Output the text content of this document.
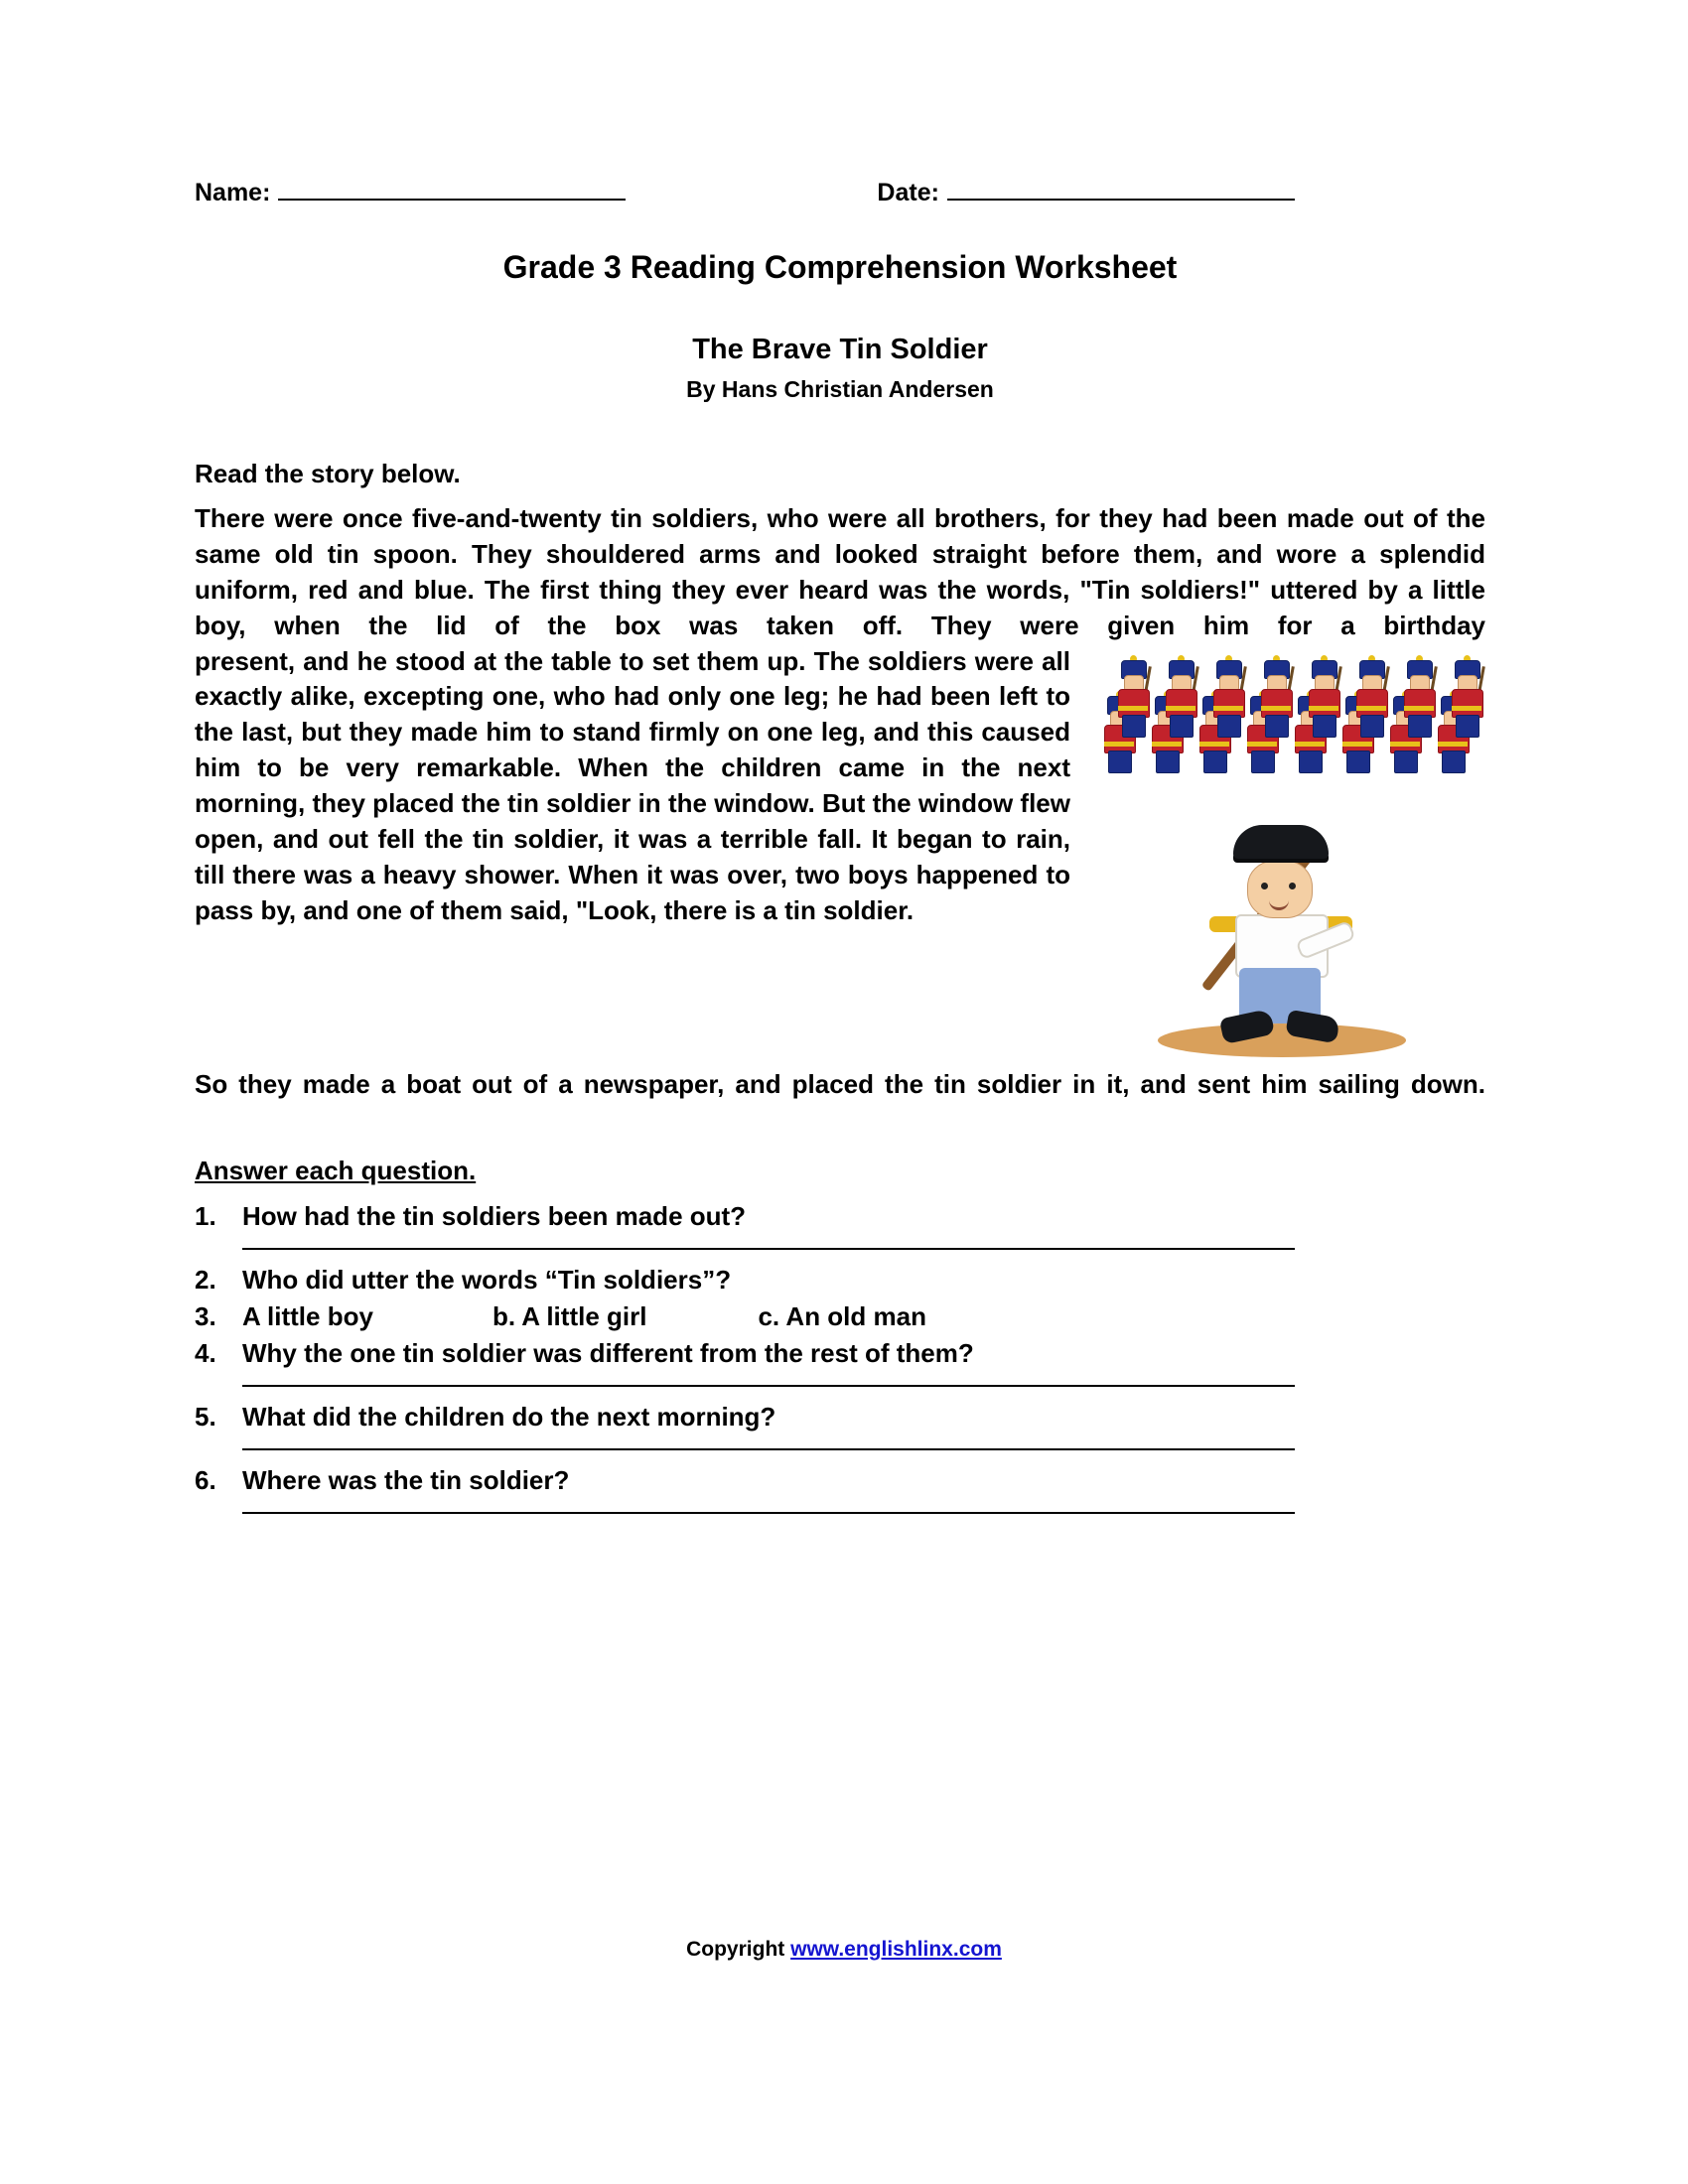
Name:	Date:
Grade 3 Reading Comprehension Worksheet
The Brave Tin Soldier
By Hans Christian Andersen
Read the story below.

There were once five-and-twenty tin soldiers, who were all brothers, for they had been made out of the same old tin spoon. They shouldered arms and looked straight before them, and wore a splendid uniform, red and blue. The first thing they ever heard was the words, "Tin soldiers!" uttered by a little boy, when the lid of the box was taken off. They were given him for a birthday

present, and he stood at the table to set them up. The soldiers were all exactly alike, excepting one, who had only one leg; he had been left to the last, but they made him to stand firmly on one leg, and this caused him to be very remarkable. When the children came in the next morning, they placed the tin soldier in the window. But the window flew open, and out fell the tin soldier, it was a terrible fall. It began to rain, till there was a heavy shower. When it was over, two boys happened to pass by, and one of them said, "Look, there is a tin soldier.

So they made a boat out of a newspaper, and placed the tin soldier in it, and sent him sailing down.

Answer each question.
1.	How had the tin soldiers been made out?
2.	Who did utter the words “Tin soldiers”?
3.	A little boy	b. A little girl	c. An old man
4.	Why the one tin soldier was different from the rest of them?
5.	What did the children do the next morning?
6.	Where was the tin soldier?
Copyright www.englishlinx.com
